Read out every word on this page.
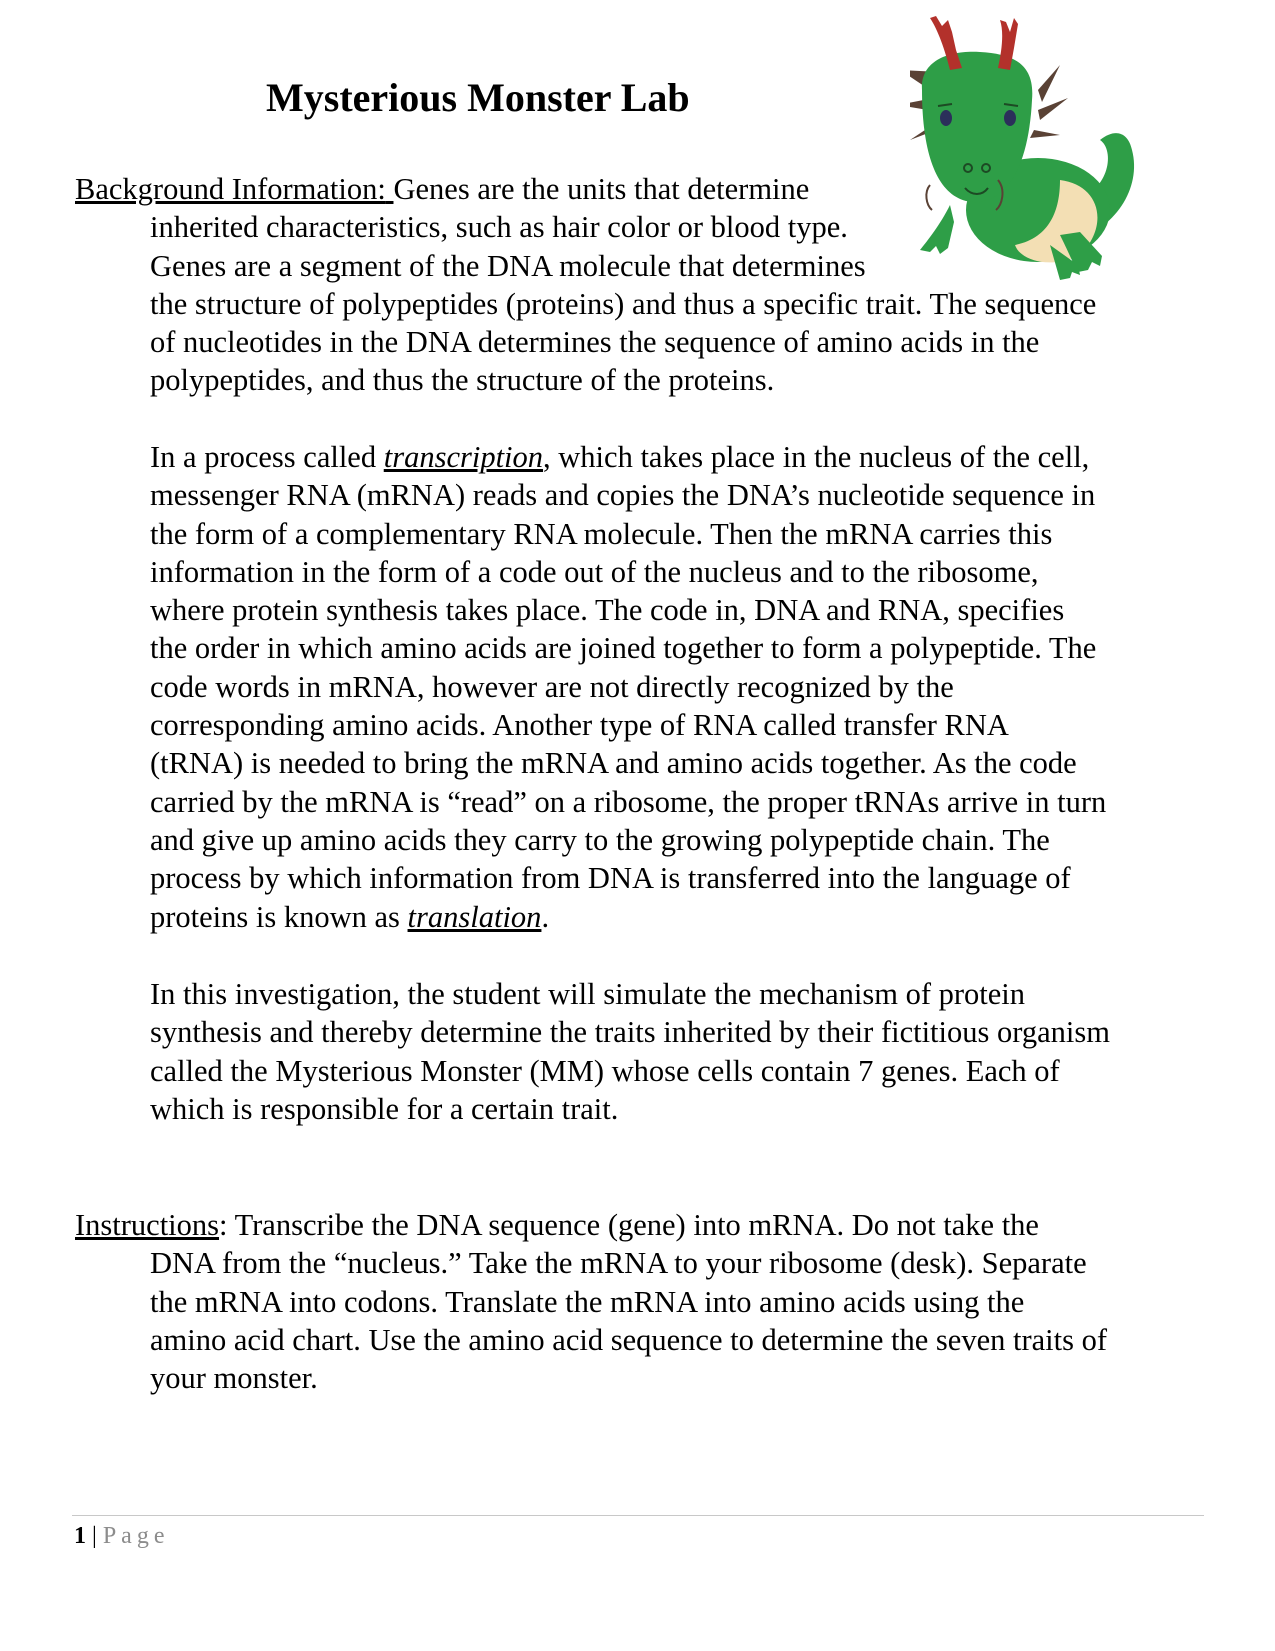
Mysterious Monster Lab
Background Information: Genes are the units that determine
inherited characteristics, such as hair color or blood type.
Genes are a segment of the DNA molecule that determines
the structure of polypeptides (proteins) and thus a specific trait. The sequence
of nucleotides in the DNA determines the sequence of amino acids in the
polypeptides, and thus the structure of the proteins.
In a process called transcription, which takes place in the nucleus of the cell,
messenger RNA (mRNA) reads and copies the DNA’s nucleotide sequence in
the form of a complementary RNA molecule. Then the mRNA carries this
information in the form of a code out of the nucleus and to the ribosome,
where protein synthesis takes place. The code in, DNA and RNA, specifies
the order in which amino acids are joined together to form a polypeptide. The
code words in mRNA, however are not directly recognized by the
corresponding amino acids. Another type of RNA called transfer RNA
(tRNA) is needed to bring the mRNA and amino acids together. As the code
carried by the mRNA is “read” on a ribosome, the proper tRNAs arrive in turn
and give up amino acids they carry to the growing polypeptide chain. The
process by which information from DNA is transferred into the language of
proteins is known as translation.
In this investigation, the student will simulate the mechanism of protein
synthesis and thereby determine the traits inherited by their fictitious organism
called the Mysterious Monster (MM) whose cells contain 7 genes. Each of
which is responsible for a certain trait.
Instructions: Transcribe the DNA sequence (gene) into mRNA. Do not take the
DNA from the “nucleus.” Take the mRNA to your ribosome (desk). Separate
the mRNA into codons. Translate the mRNA into amino acids using the
amino acid chart. Use the amino acid sequence to determine the seven traits of
your monster.
1 | Page
